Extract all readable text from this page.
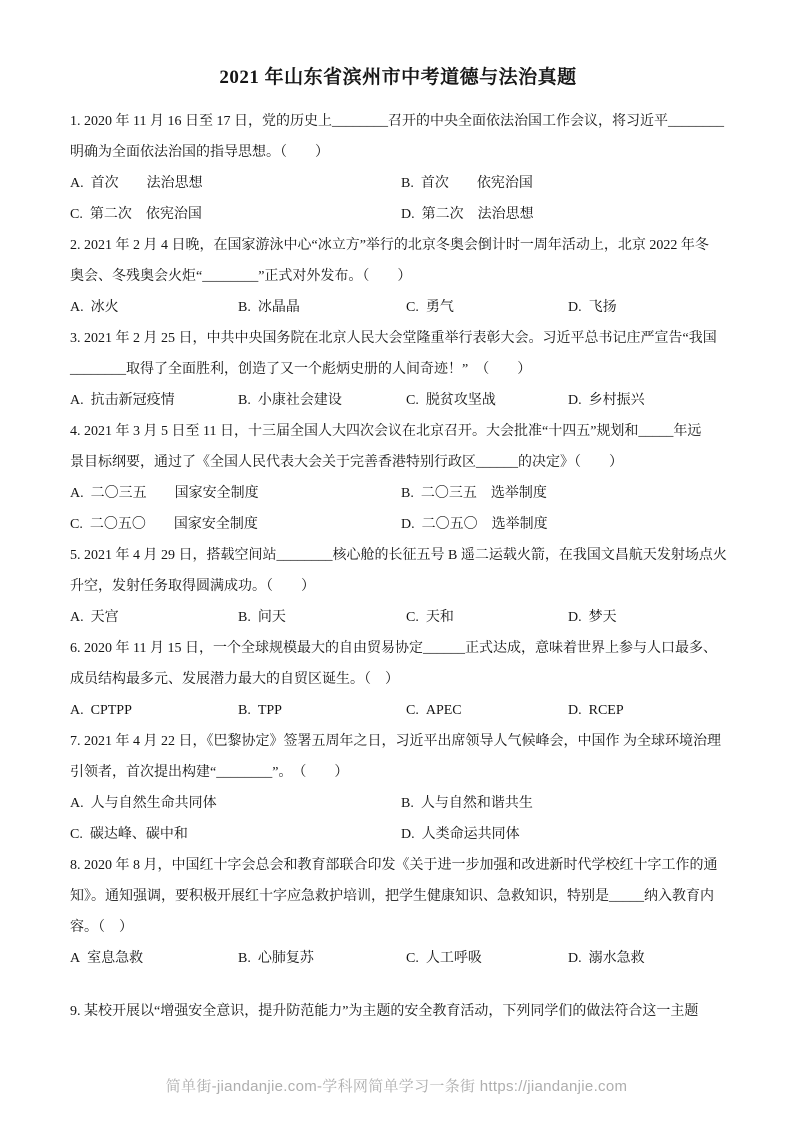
2021 年山东省滨州市中考道德与法治真题
1. 2020 年 11 月 16 日至 17 日，党的历史上________召开的中央全面依法治国工作会议，将习近平________
明确为全面依法治国的指导思想。（　　）
A. 首次　　法治思想	B. 首次　　依宪治国
C. 第二次　依宪治国	D. 第二次　法治思想
2. 2021 年 2 月 4 日晚，在国家游泳中心“冰立方”举行的北京冬奥会倒计时一周年活动上，北京 2022 年冬
奥会、冬残奥会火炬“________”正式对外发布。（　　）
A. 冰火	B. 冰晶晶	C. 勇气	D. 飞扬
3. 2021 年 2 月 25 日，中共中央国务院在北京人民大会堂隆重举行表彰大会。习近平总书记庄严宣告“我国
________取得了全面胜利，创造了又一个彪炳史册的人间奇迹！”　（　　）
A. 抗击新冠疫情	B. 小康社会建设	C. 脱贫攻坚战	D. 乡村振兴
4. 2021 年 3 月 5 日至 11 日，十三届全国人大四次会议在北京召开。大会批准“十四五”规划和_____年远
景目标纲要，通过了《全国人民代表大会关于完善香港特别行政区______的决定》（　　）
A. 二〇三五　　国家安全制度	B. 二〇三五　选举制度
C. 二〇五〇　　国家安全制度	D. 二〇五〇　选举制度
5. 2021 年 4 月 29 日，搭载空间站________核心舱的长征五号 B 遥二运载火箭，在我国文昌航天发射场点火
升空，发射任务取得圆满成功。（　　）
A. 天宫	B. 问天	C. 天和	D. 梦天
6. 2020 年 11 月 15 日，一个全球规模最大的自由贸易协定______正式达成，意味着世界上参与人口最多、
成员结构最多元、发展潜力最大的自贸区诞生。（　）
A. CPTPP	B. TPP	C. APEC	D. RCEP
7. 2021 年 4 月 22 日，《巴黎协定》签署五周年之日，习近平出席领导人气候峰会，中国作 为全球环境治理
引领者，首次提出构建“________”。　（　　）
A. 人与自然生命共同体	B. 人与自然和谐共生
C. 碳达峰、碳中和	D. 人类命运共同体
8. 2020 年 8 月，中国红十字会总会和教育部联合印发《关于进一步加强和改进新时代学校红十字工作的通
知》。通知强调，要积极开展红十字应急救护培训，把学生健康知识、急救知识，特别是_____纳入教育内
容。（　）
A 室息急救	B. 心肺复苏	C. 人工呼吸	D. 溺水急救
9. 某校开展以“增强安全意识，提升防范能力”为主题的安全教育活动，下列同学们的做法符合这一主题
简单街-jiandanjie.com-学科网简单学习一条街 https://jiandanjie.com
